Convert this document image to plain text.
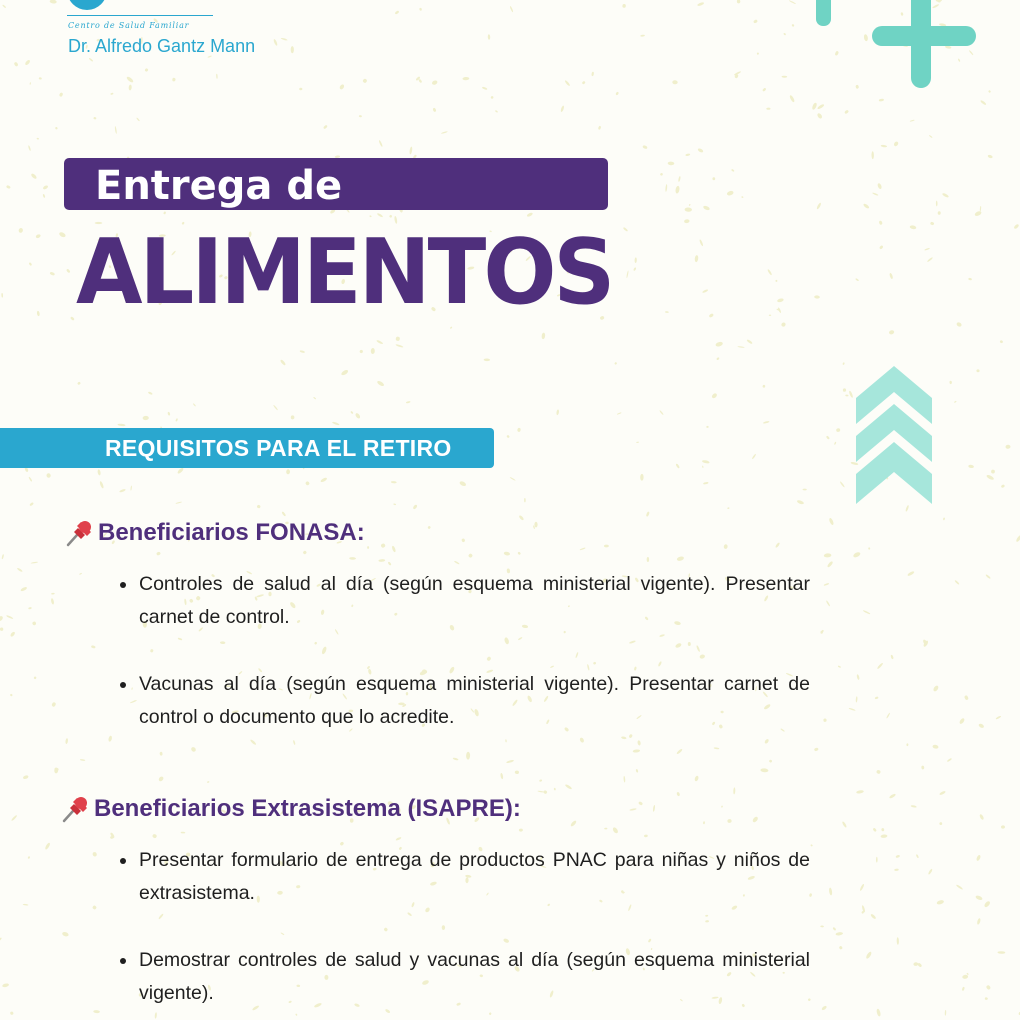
Centro de Salud Familiar
Dr. Alfredo Gantz Mann
Entrega de
ALIMENTOS
REQUISITOS PARA EL RETIRO
Beneficiarios FONASA:
Controles de salud al día (según esquema ministerial vigente). Presentar carnet de control.
Vacunas al día (según esquema ministerial vigente). Presentar carnet de control o documento que lo acredite.
Beneficiarios Extrasistema (ISAPRE):
Presentar formulario de entrega de productos PNAC para niñas y niños de extrasistema.
Demostrar controles de salud y vacunas al día (según esquema ministerial vigente).
